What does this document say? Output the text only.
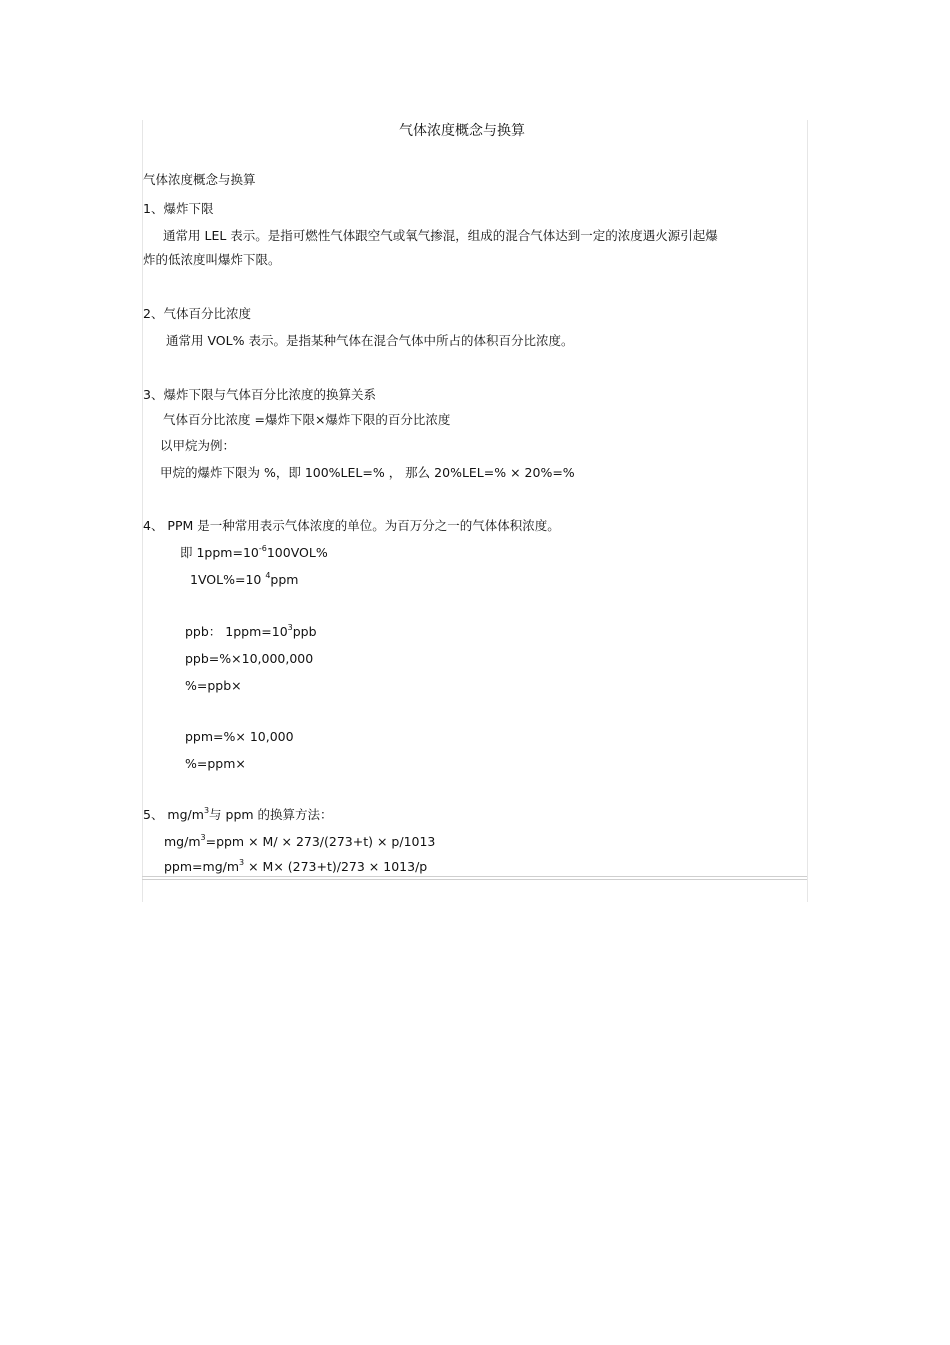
气体浓度概念与换算
气体浓度概念与换算
1、爆炸下限
通常用 LEL 表示。是指可燃性气体跟空气或氧气掺混，组成的混合气体达到一定的浓度遇火源引起爆
炸的低浓度叫爆炸下限。
2、气体百分比浓度
通常用 VOL% 表示。是指某种气体在混合气体中所占的体积百分比浓度。
3、爆炸下限与气体百分比浓度的换算关系
气体百分比浓度 =爆炸下限×爆炸下限的百分比浓度
以甲烷为例：
甲烷的爆炸下限为 %，即 100%LEL=% ， 那么 20%LEL=% × 20%=%
4、 PPM 是一种常用表示气体浓度的单位。为百万分之一的气体体积浓度。
即 $1ppm=10^{-6}100VOL\%$
1VOL%=10 $^4$ppm
ppb： $1ppm=10^3ppb$
ppb=%×10,000,000
%=ppb×
ppm=%× 10,000
%=ppm×
5、 $mg/m^3$与 ppm 的换算方法：
$mg/m^3=ppm \times M/ \times 273/(273+t) \times p/1013$
$ppm=mg/m^3 \times M\times (273+t)/273 \times 1013/p$
